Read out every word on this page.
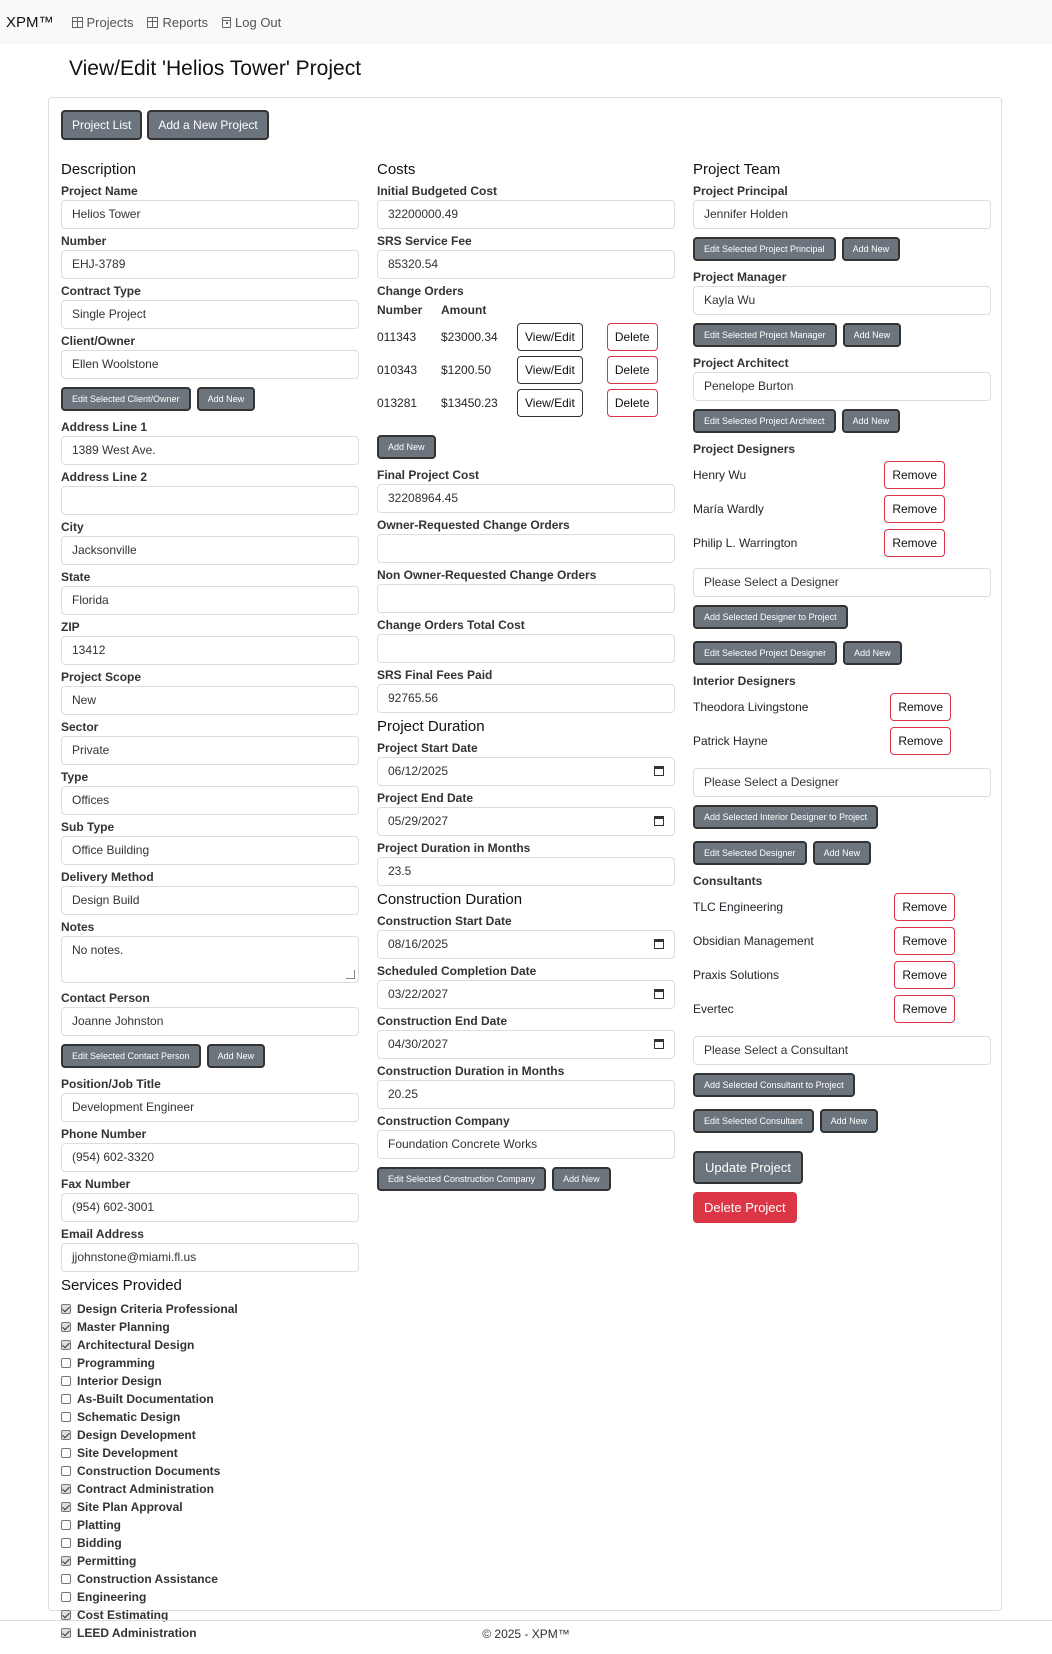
XPM™	Projects Reports Log Out
View/Edit 'Helios Tower' Project
Project List	Add a New Project
Description
Project Name
Helios Tower
Number
EHJ-3789
Contract Type
Single Project
Client/Owner
Ellen Woolstone
Edit Selected Client/Owner	Add New
Address Line 1
1389 West Ave.
Address Line 2
City
Jacksonville
State
Florida
ZIP
13412
Project Scope
New
Sector
Private
Type
Offices
Sub Type
Office Building
Delivery Method
Design Build
Notes
No notes.
Contact Person
Joanne Johnston
Edit Selected Contact Person	Add New
Position/Job Title
Development Engineer
Phone Number
(954) 602-3320
Fax Number
(954) 602-3001
Email Address
jjohnstone@miami.fl.us
Services Provided
Design Criteria Professional
Master Planning
Architectural Design
Programming
Interior Design
As-Built Documentation
Schematic Design
Design Development
Site Development
Construction Documents
Contract Administration
Site Plan Approval
Platting
Bidding
Permitting
Construction Assistance
Engineering
Cost Estimating
LEED Administration
Costs
Initial Budgeted Cost
32200000.49
SRS Service Fee
85320.54
Change Orders
Number	Amount
011343	$23000.34	View/Edit	Delete
010343	$1200.50	View/Edit	Delete
013281	$13450.23	View/Edit	Delete
Add New
Final Project Cost
32208964.45
Owner-Requested Change Orders
Non Owner-Requested Change Orders
Change Orders Total Cost
SRS Final Fees Paid
92765.56
Project Duration
Project Start Date
06/12/2025
Project End Date
05/29/2027
Project Duration in Months
23.5
Construction Duration
Construction Start Date
08/16/2025
Scheduled Completion Date
03/22/2027
Construction End Date
04/30/2027
Construction Duration in Months
20.25
Construction Company
Foundation Concrete Works
Edit Selected Construction Company	Add New
Project Team
Project Principal
Jennifer Holden
Edit Selected Project Principal	Add New
Project Manager
Kayla Wu
Edit Selected Project Manager	Add New
Project Architect
Penelope Burton
Edit Selected Project Architect	Add New
Project Designers
Henry Wu	Remove
María Wardly	Remove
Philip L. Warrington	Remove
Please Select a Designer
Add Selected Designer to Project
Edit Selected Project Designer	Add New
Interior Designers
Theodora Livingstone	Remove
Patrick Hayne	Remove
Please Select a Designer
Add Selected Interior Designer to Project
Edit Selected Designer	Add New
Consultants
TLC Engineering	Remove
Obsidian Management	Remove
Praxis Solutions	Remove
Evertec	Remove
Please Select a Consultant
Add Selected Consultant to Project
Edit Selected Consultant	Add New
Update Project
Delete Project
© 2025 - XPM™
